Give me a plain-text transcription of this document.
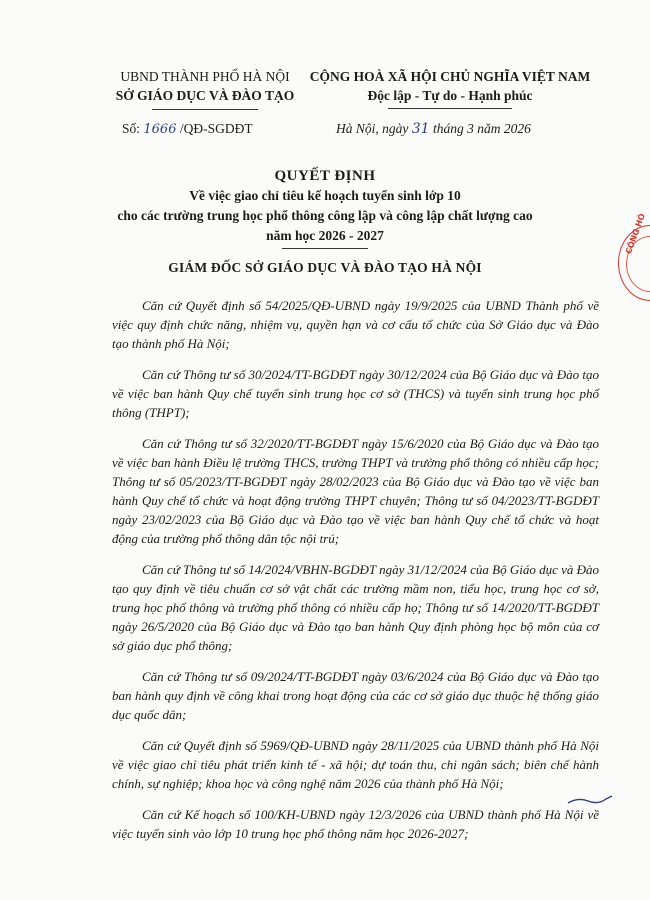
UBND THÀNH PHỐ HÀ NỘI
SỞ GIÁO DỤC VÀ ĐÀO TẠO
CỘNG HOÀ XÃ HỘI CHỦ NGHĨA VIỆT NAM
Độc lập - Tự do - Hạnh phúc
Số: 1666 /QĐ-SGDĐT	Hà Nội, ngày 31 tháng 3 năm 2026
QUYẾT ĐỊNH
Về việc giao chỉ tiêu kế hoạch tuyển sinh lớp 10
cho các trường trung học phổ thông công lập và công lập chất lượng cao
năm học 2026 - 2027
GIÁM ĐỐC SỞ GIÁO DỤC VÀ ĐÀO TẠO HÀ NỘI

Căn cứ Quyết định số 54/2025/QĐ-UBND ngày 19/9/2025 của UBND Thành phố về việc quy định chức năng, nhiệm vụ, quyền hạn và cơ cấu tổ chức của Sở Giáo dục và Đào tạo thành phố Hà Nội;

Căn cứ Thông tư số 30/2024/TT-BGDĐT ngày 30/12/2024 của Bộ Giáo dục và Đào tạo về việc ban hành Quy chế tuyển sinh trung học cơ sở (THCS) và tuyển sinh trung học phổ thông (THPT);

Căn cứ Thông tư số 32/2020/TT-BGDĐT ngày 15/6/2020 của Bộ Giáo dục và Đào tạo về việc ban hành Điều lệ trường THCS, trường THPT và trường phổ thông có nhiều cấp học; Thông tư số 05/2023/TT-BGDĐT ngày 28/02/2023 của Bộ Giáo dục và Đào tạo về việc ban hành Quy chế tổ chức và hoạt động trường THPT chuyên; Thông tư số 04/2023/TT-BGDĐT ngày 23/02/2023 của Bộ Giáo dục và Đào tạo về việc ban hành Quy chế tổ chức và hoạt động của trường phổ thông dân tộc nội trú;

Căn cứ Thông tư số 14/2024/VBHN-BGDĐT ngày 31/12/2024 của Bộ Giáo dục và Đào tạo quy định về tiêu chuẩn cơ sở vật chất các trường mầm non, tiểu học, trung học cơ sở, trung học phổ thông và trường phổ thông có nhiều cấp họ; Thông tư số 14/2020/TT-BGDĐT ngày 26/5/2020 của Bộ Giáo dục và Đào tạo ban hành Quy định phòng học bộ môn của cơ sở giáo dục phổ thông;

Căn cứ Thông tư số 09/2024/TT-BGDĐT ngày 03/6/2024 của Bộ Giáo dục và Đào tạo ban hành quy định về công khai trong hoạt động của các cơ sở giáo dục thuộc hệ thống giáo dục quốc dân;

Căn cứ Quyết định số 5969/QĐ-UBND ngày 28/11/2025 của UBND thành phố Hà Nội về việc giao chỉ tiêu phát triển kinh tế - xã hội; dự toán thu, chi ngân sách; biên chế hành chính, sự nghiệp; khoa học và công nghệ năm 2026 của thành phố Hà Nội;

Căn cứ Kế hoạch số 100/KH-UBND ngày 12/3/2026 của UBND thành phố Hà Nội về việc tuyển sinh vào lớp 10 trung học phổ thông năm học 2026-2027;

CÔNG HÒ
